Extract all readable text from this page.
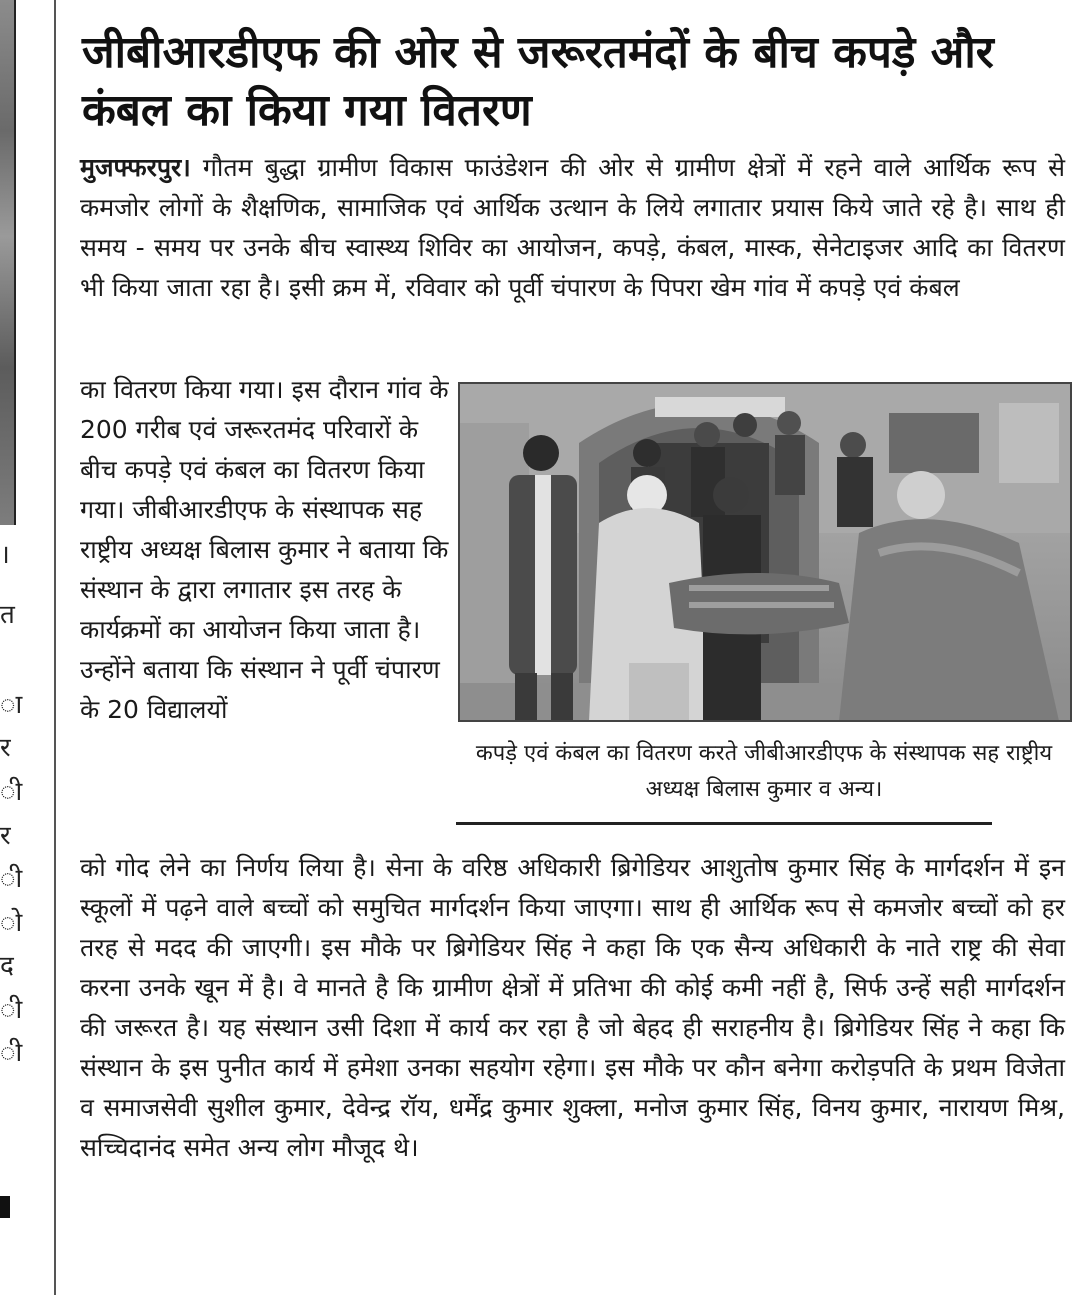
।
त
ा
र
ी
र
ी
ो
द
ी
ी
जीबीआरडीएफ की ओर से जरूरतमंदों के बीच कपड़े और कंबल का किया गया वितरण

मुजफ्फरपुर। गौतम बुद्धा ग्रामीण विकास फाउंडेशन की ओर से ग्रामीण क्षेत्रों में रहने वाले आर्थिक रूप से कमजोर लोगों के शैक्षणिक, सामाजिक एवं आर्थिक उत्थान के लिये लगातार प्रयास किये जाते रहे है। साथ ही समय - समय पर उनके बीच स्वास्थ्य शिविर का आयोजन, कपड़े, कंबल, मास्क, सेनेटाइजर आदि का वितरण भी किया जाता रहा है। इसी क्रम में, रविवार को पूर्वी चंपारण के पिपरा खेम गांव में कपड़े एवं कंबल

का वितरण किया गया। इस दौरान गांव के 200 गरीब एवं जरूरतमंद परिवारों के बीच कपड़े एवं कंबल का वितरण किया गया। जीबीआरडीएफ के संस्थापक सह राष्ट्रीय अध्यक्ष बिलास कुमार ने बताया कि संस्थान के द्वारा लगातार इस तरह के कार्यक्रमों का आयोजन किया जाता है। उन्होंने बताया कि संस्थान ने पूर्वी चंपारण के 20 विद्यालयों

कपड़े एवं कंबल का वितरण करते जीबीआरडीएफ के संस्थापक सह राष्ट्रीय अध्यक्ष बिलास कुमार व अन्य।

को गोद लेने का निर्णय लिया है। सेना के वरिष्ठ अधिकारी ब्रिगेडियर आशुतोष कुमार सिंह के मार्गदर्शन में इन स्कूलों में पढ़ने वाले बच्चों को समुचित मार्गदर्शन किया जाएगा। साथ ही आर्थिक रूप से कमजोर बच्चों को हर तरह से मदद की जाएगी। इस मौके पर ब्रिगेडियर सिंह ने कहा कि एक सैन्य अधिकारी के नाते राष्ट्र की सेवा करना उनके खून में है। वे मानते है कि ग्रामीण क्षेत्रों में प्रतिभा की कोई कमी नहीं है, सिर्फ उन्हें सही मार्गदर्शन की जरूरत है। यह संस्थान उसी दिशा में कार्य कर रहा है जो बेहद ही सराहनीय है। ब्रिगेडियर सिंह ने कहा कि संस्थान के इस पुनीत कार्य में हमेशा उनका सहयोग रहेगा। इस मौके पर कौन बनेगा करोड़पति के प्रथम विजेता व समाजसेवी सुशील कुमार, देवेन्द्र रॉय, धर्मेंद्र कुमार शुक्ला, मनोज कुमार सिंह, विनय कुमार, नारायण मिश्र, सच्चिदानंद समेत अन्य लोग मौजूद थे।
